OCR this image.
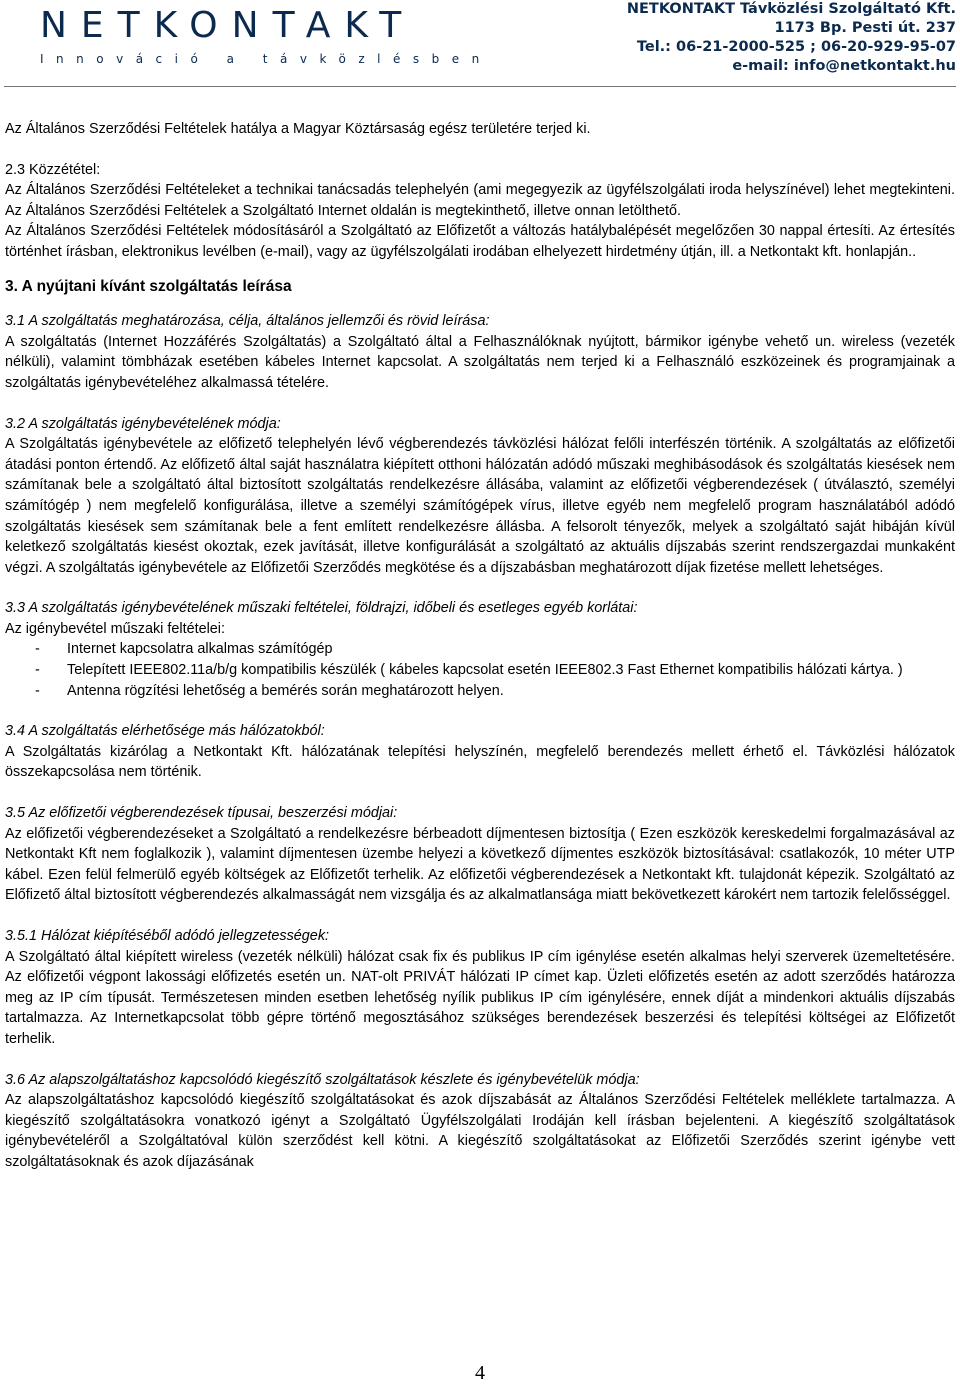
NETKONTAKT
Innováció a távközlésben
NETKONTAKT Távközlési Szolgáltató Kft.
1173 Bp. Pesti út. 237
Tel.: 06-21-2000-525 ; 06-20-929-95-07
e-mail: info@netkontakt.hu

Az Általános Szerződési Feltételek hatálya a Magyar Köztársaság egész területére terjed ki.

2.3 Közzététel:

Az Általános Szerződési Feltételeket a technikai tanácsadás telephelyén (ami megegyezik az ügyfélszolgálati iroda helyszínével) lehet megtekinteni. Az Általános Szerződési Feltételek a Szolgáltató Internet oldalán is megtekinthető, illetve onnan letölthető.

Az Általános Szerződési Feltételek módosításáról a Szolgáltató az Előfizetőt a változás hatálybalépését megelőzően 30 nappal értesíti. Az értesítés történhet írásban, elektronikus levélben (e-mail), vagy az ügyfélszolgálati irodában elhelyezett hirdetmény útján, ill. a Netkontakt kft. honlapján..

3. A nyújtani kívánt szolgáltatás leírása

3.1 A szolgáltatás meghatározása, célja, általános jellemzői és rövid leírása:

A szolgáltatás (Internet Hozzáférés Szolgáltatás) a Szolgáltató által a Felhasználóknak nyújtott, bármikor igénybe vehető un. wireless (vezeték nélküli), valamint tömbházak esetében kábeles Internet kapcsolat. A szolgáltatás nem terjed ki a Felhasználó eszközeinek és programjainak a szolgáltatás igénybevételéhez alkalmassá tételére.

3.2 A szolgáltatás igénybevételének módja:

A Szolgáltatás igénybevétele az előfizető telephelyén lévő végberendezés távközlési hálózat felőli interfészén történik. A szolgáltatás az előfizetői átadási ponton értendő. Az előfizető által saját használatra kiépített otthoni hálózatán adódó műszaki meghibásodások és szolgáltatás kiesések nem számítanak bele a szolgáltató által biztosított szolgáltatás rendelkezésre állásába, valamint az előfizetői végberendezések ( útválasztó, személyi számítógép ) nem megfelelő konfigurálása, illetve a személyi számítógépek vírus, illetve egyéb nem megfelelő program használatából adódó szolgáltatás kiesések sem számítanak bele a fent említett rendelkezésre állásba. A felsorolt tényezők, melyek a szolgáltató saját hibáján kívül keletkező szolgáltatás kiesést okoztak, ezek javítását, illetve konfigurálását a szolgáltató az aktuális díjszabás szerint rendszergazdai munkaként végzi. A szolgáltatás igénybevétele az Előfizetői Szerződés megkötése és a díjszabásban meghatározott díjak fizetése mellett lehetséges.

3.3 A szolgáltatás igénybevételének műszaki feltételei, földrajzi, időbeli és esetleges egyéb korlátai:

Az igénybevétel műszaki feltételei:

- Internet kapcsolatra alkalmas számítógép
- Telepített IEEE802.11a/b/g kompatibilis készülék ( kábeles kapcsolat esetén IEEE802.3 Fast Ethernet kompatibilis hálózati kártya. )
- Antenna rögzítési lehetőség a bemérés során meghatározott helyen.

3.4 A szolgáltatás elérhetősége más hálózatokból:

A Szolgáltatás kizárólag a Netkontakt Kft. hálózatának telepítési helyszínén, megfelelő berendezés mellett érhető el. Távközlési hálózatok összekapcsolása nem történik.

3.5 Az előfizetői végberendezések típusai, beszerzési módjai:

Az előfizetői végberendezéseket a Szolgáltató a rendelkezésre bérbeadott díjmentesen biztosítja ( Ezen eszközök kereskedelmi forgalmazásával az Netkontakt Kft nem foglalkozik ), valamint díjmentesen üzembe helyezi a következő díjmentes eszközök biztosításával: csatlakozók, 10 méter UTP kábel. Ezen felül felmerülő egyéb költségek az Előfizetőt terhelik. Az előfizetői végberendezések a Netkontakt kft. tulajdonát képezik. Szolgáltató az Előfizető által biztosított végberendezés alkalmasságát nem vizsgálja és az alkalmatlansága miatt bekövetkezett károkért nem tartozik felelősséggel.

3.5.1 Hálózat kiépítéséből adódó jellegzetességek:

A Szolgáltató által kiépített wireless (vezeték nélküli) hálózat csak fix és publikus IP cím igénylése esetén alkalmas helyi szerverek üzemeltetésére. Az előfizetői végpont lakossági előfizetés esetén un. NAT-olt PRIVÁT hálózati IP címet kap. Üzleti előfizetés esetén az adott szerződés határozza meg az IP cím típusát. Természetesen minden esetben lehetőség nyílik publikus IP cím igénylésére, ennek díját a mindenkori aktuális díjszabás tartalmazza. Az Internetkapcsolat több gépre történő megosztásához szükséges berendezések beszerzési és telepítési költségei az Előfizetőt terhelik.

3.6 Az alapszolgáltatáshoz kapcsolódó kiegészítő szolgáltatások készlete és igénybevételük módja:

Az alapszolgáltatáshoz kapcsolódó kiegészítő szolgáltatásokat és azok díjszabását az Általános Szerződési Feltételek melléklete tartalmazza. A kiegészítő szolgáltatásokra vonatkozó igényt a Szolgáltató Ügyfélszolgálati Irodáján kell írásban bejelenteni. A kiegészítő szolgáltatások igénybevételéről a Szolgáltatóval külön szerződést kell kötni. A kiegészítő szolgáltatásokat az Előfizetői Szerződés szerint igénybe vett szolgáltatásoknak és azok díjazásának

4
